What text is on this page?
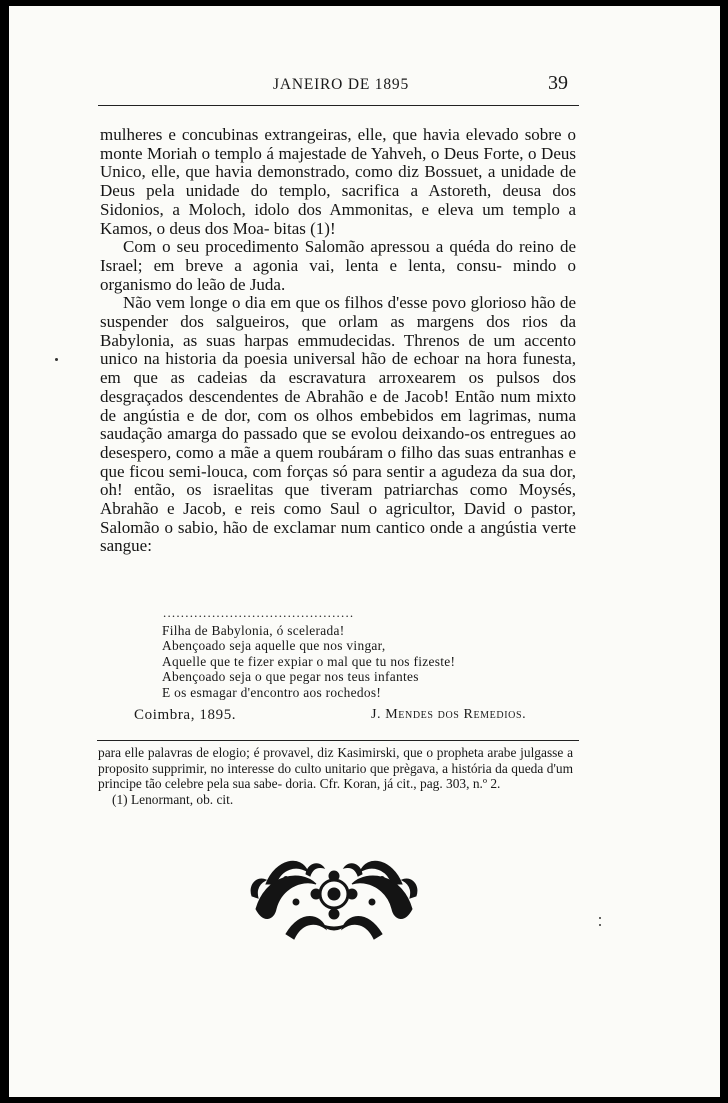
JANEIRO DE 1895	39

mulheres e concubinas extrangeiras, elle, que havia elevado sobre o monte Moriah o templo á majestade de Yahveh, o Deus Forte, o Deus Unico, elle, que havia demonstrado, como diz Bossuet, a unidade de Deus pela unidade do templo, sacrifica a Astoreth, deusa dos Sidonios, a Moloch, idolo dos Ammonitas, e eleva um templo a Kamos, o deus dos Moa- bitas (1)!

Com o seu procedimento Salomão apressou a quéda do reino de Israel; em breve a agonia vai, lenta e lenta, consu- mindo o organismo do leão de Juda.

Não vem longe o dia em que os filhos d'esse povo glorioso hão de suspender dos salgueiros, que orlam as margens dos rios da Babylonia, as suas harpas emmudecidas. Threnos de um accento unico na historia da poesia universal hão de echoar na hora funesta, em que as cadeias da escravatura arroxearem os pulsos dos desgraçados descendentes de Abrahão e de Jacob! Então num mixto de angústia e de dor, com os olhos embebidos em lagrimas, numa saudação amarga do passado que se evolou deixando-os entregues ao desespero, como a mãe a quem roubáram o filho das suas entranhas e que ficou semi-louca, com forças só para sentir a agudeza da sua dor, oh! então, os israelitas que tiveram patriarchas como Moysés, Abrahão e Jacob, e reis como Saul o agricultor, David o pastor, Salomão o sabio, hão de exclamar num cantico onde a angústia verte sangue:

...........................................
Filha de Babylonia, ó scelerada!
Abençoado seja aquelle que nos vingar,
Aquelle que te fizer expiar o mal que tu nos fizeste!
Abençoado seja o que pegar nos teus infantes
E os esmagar d'encontro aos rochedos!
Coimbra, 1895.	J. Mendes dos Remedios.

para elle palavras de elogio; é provavel, diz Kasimirski, que o propheta arabe julgasse a proposito supprimir, no interesse do culto unitario que prègava, a história da queda d'um principe tão celebre pela sua sabe- doria. Cfr. Koran, já cit., pag. 303, n.º 2.

(1) Lenormant, ob. cit.
